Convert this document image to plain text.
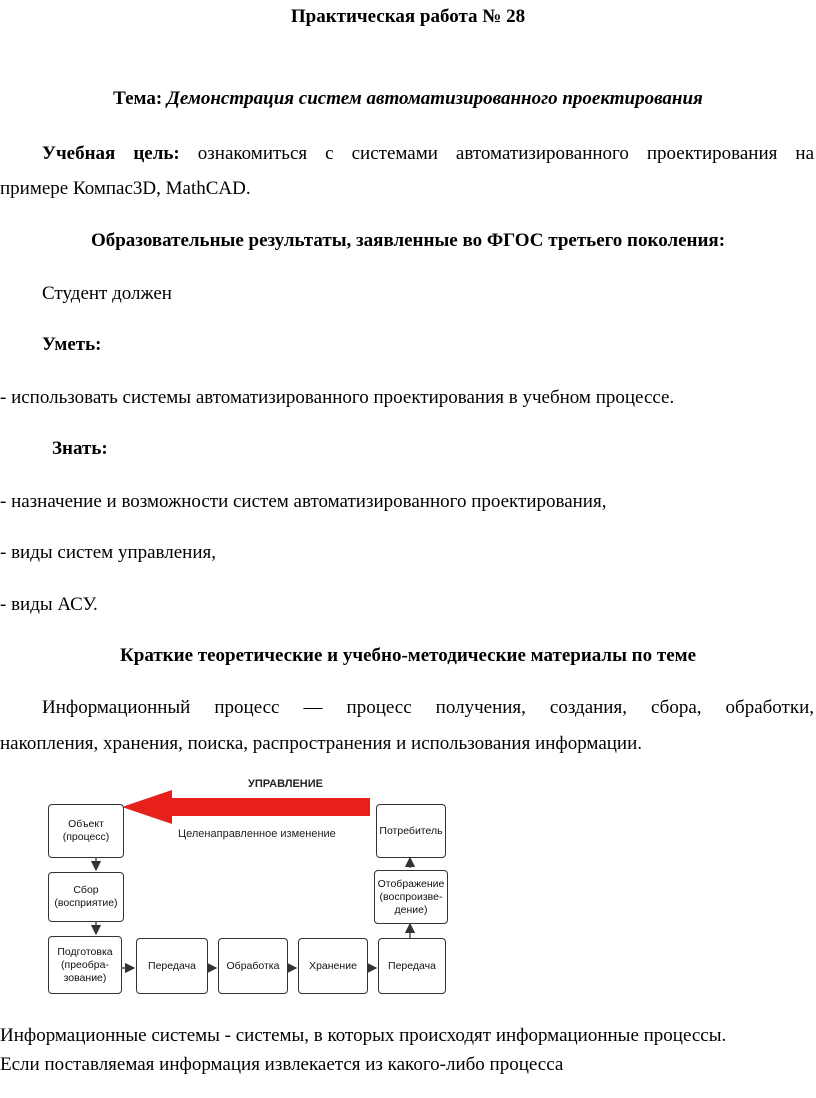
Практическая работа № 28
Тема: Демонстрация систем автоматизированного проектирования
Учебная цель: ознакомиться с системами автоматизированного проектирования на
примере Компас3D, MathCAD.
Образовательные результаты, заявленные во ФГОС третьего поколения:
Студент должен
Уметь:
- использовать системы автоматизированного проектирования в учебном процессе.
Знать:
- назначение и возможности систем автоматизированного проектирования,
- виды систем управления,
- виды АСУ.
Краткие теоретические и учебно-методические материалы по теме
Информационный процесс — процесс получения, создания, сбора, обработки,
накопления, хранения, поиска, распространения и использования информации.
УПРАВЛЕНИЕ
Целенаправленное изменение
Объект
(процесс)
Сбор
(восприятие)
Подготовка
(преобра-
зование)
Передача	Обработка	Хранение	Передача
Отображение
(воспроизве-
дение)
Потребитель
Информационные системы - системы, в которых происходят информационные процессы.
Если поставляемая информация извлекается из какого-либо процесса
